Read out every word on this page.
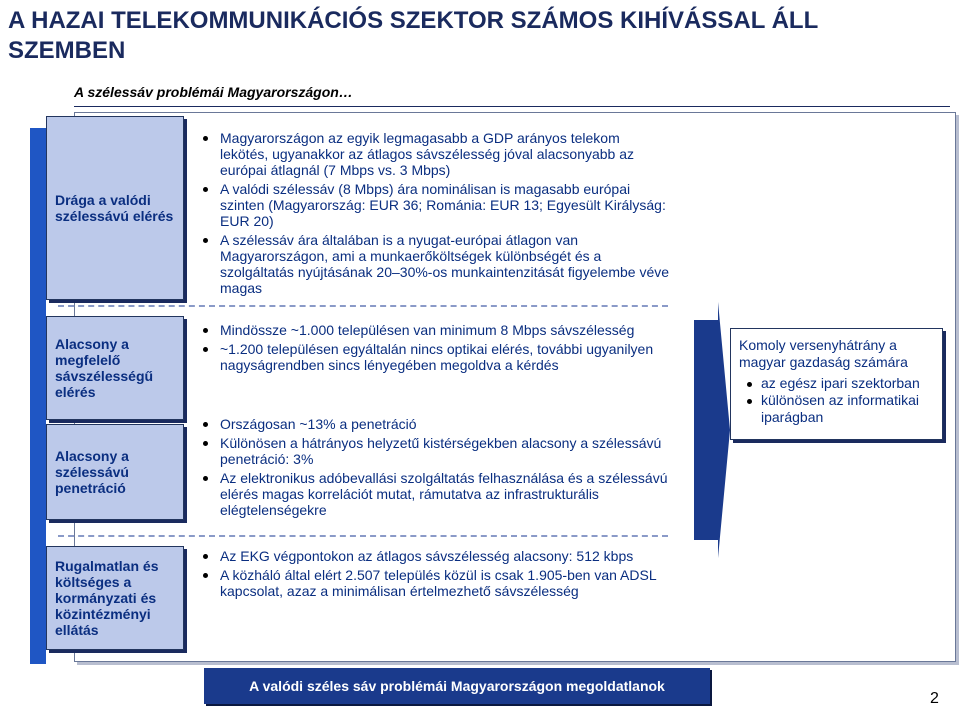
A HAZAI TELEKOMMUNIKÁCIÓS SZEKTOR SZÁMOS KIHÍVÁSSAL ÁLL SZEMBEN
A szélessáv problémái Magyarországon…
Drága a valódi szélessávú elérés
Magyarországon az egyik legmagasabb a GDP arányos telekom lekötés, ugyanakkor az átlagos sávszélesség jóval alacsonyabb az európai átlagnál (7 Mbps vs. 3 Mbps)
A valódi szélessáv (8 Mbps) ára nominálisan is magasabb európai szinten (Magyarország: EUR 36; Románia: EUR 13; Egyesült Királyság: EUR 20)
A szélessáv ára általában is a nyugat-európai átlagon van Magyarországon, ami a munkaerőköltségek különbségét és a szolgáltatás nyújtásának 20‒30%-os munkaintenzitását figyelembe véve magas
Alacsony a megfelelő sávszélességű elérés
Mindössze ~1.000 településen van minimum 8 Mbps sávszélesség
~1.200 településen egyáltalán nincs optikai elérés, további ugyanilyen nagyságrendben sincs lényegében megoldva a kérdés
Alacsony a szélessávú penetráció
Országosan ~13% a penetráció
Különösen a hátrányos helyzetű kistérségekben alacsony a szélessávú penetráció: 3%
Az elektronikus adóbevallási szolgáltatás felhasználása és a szélessávú elérés magas korrelációt mutat, rámutatva az infrastrukturális elégtelenségekre
Rugalmatlan és költséges a kormányzati és közintézményi ellátás
Az EKG végpontokon az átlagos sávszélesség alacsony: 512 kbps
A közháló által elért 2.507 település közül is csak 1.905-ben van ADSL kapcsolat, azaz a minimálisan értelmezhető sávszélesség
Komoly versenyhátrány a magyar gazdaság számára
az egész ipari szektorban
különösen az informatikai iparágban
A valódi széles sáv problémái Magyarországon megoldatlanok
2
